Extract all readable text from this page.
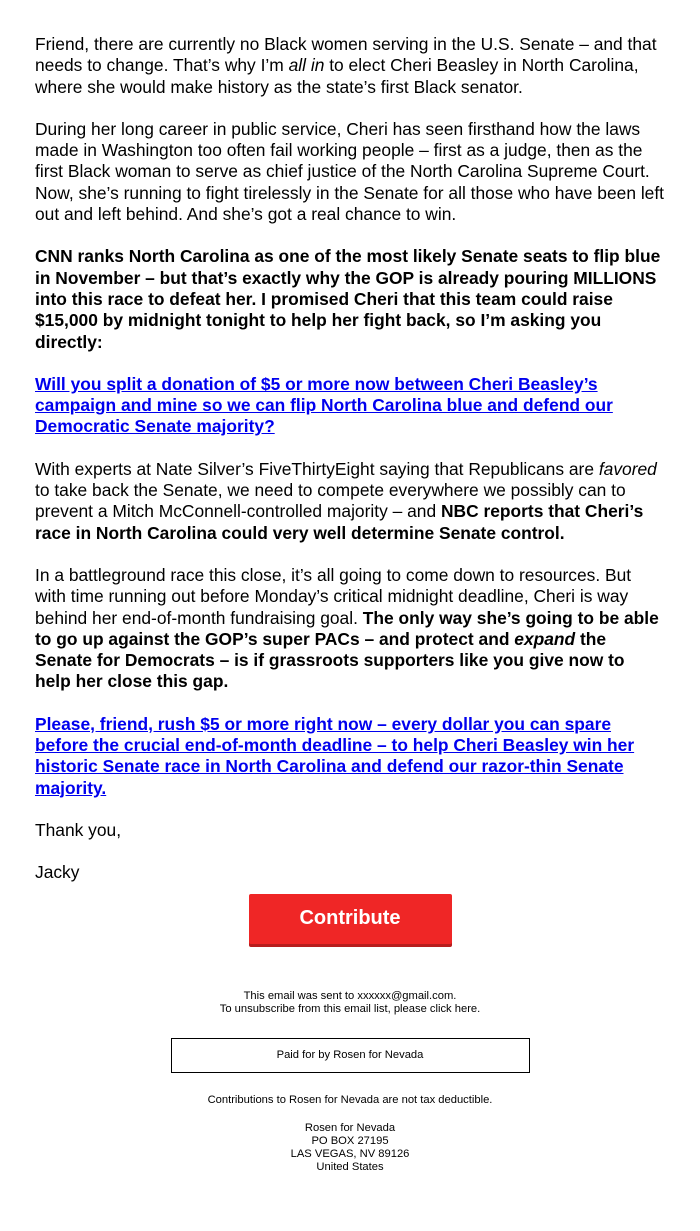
Friend, there are currently no Black women serving in the U.S. Senate – and that needs to change. That’s why I’m all in to elect Cheri Beasley in North Carolina, where she would make history as the state’s first Black senator.

During her long career in public service, Cheri has seen firsthand how the laws made in Washington too often fail working people – first as a judge, then as the first Black woman to serve as chief justice of the North Carolina Supreme Court. Now, she’s running to fight tirelessly in the Senate for all those who have been left out and left behind. And she’s got a real chance to win.

CNN ranks North Carolina as one of the most likely Senate seats to flip blue in November – but that’s exactly why the GOP is already pouring MILLIONS into this race to defeat her. I promised Cheri that this team could raise $15,000 by midnight tonight to help her fight back, so I’m asking you directly:

Will you split a donation of $5 or more now between Cheri Beasley’s campaign and mine so we can flip North Carolina blue and defend our Democratic Senate majority?

With experts at Nate Silver’s FiveThirtyEight saying that Republicans are favored to take back the Senate, we need to compete everywhere we possibly can to prevent a Mitch McConnell-controlled majority – and NBC reports that Cheri’s race in North Carolina could very well determine Senate control.

In a battleground race this close, it’s all going to come down to resources. But with time running out before Monday’s critical midnight deadline, Cheri is way behind her end-of-month fundraising goal. The only way she’s going to be able to go up against the GOP’s super PACs – and protect and expand the Senate for Democrats – is if grassroots supporters like you give now to help her close this gap.

Please, friend, rush $5 or more right now – every dollar you can spare before the crucial end-of-month deadline – to help Cheri Beasley win her historic Senate race in North Carolina and defend our razor-thin Senate majority.

Thank you,

Jacky

Contribute
This email was sent to xxxxxx@gmail.com.
To unsubscribe from this email list, please click here.
Paid for by Rosen for Nevada
Contributions to Rosen for Nevada are not tax deductible.
Rosen for Nevada
PO BOX 27195
LAS VEGAS, NV 89126
United States
